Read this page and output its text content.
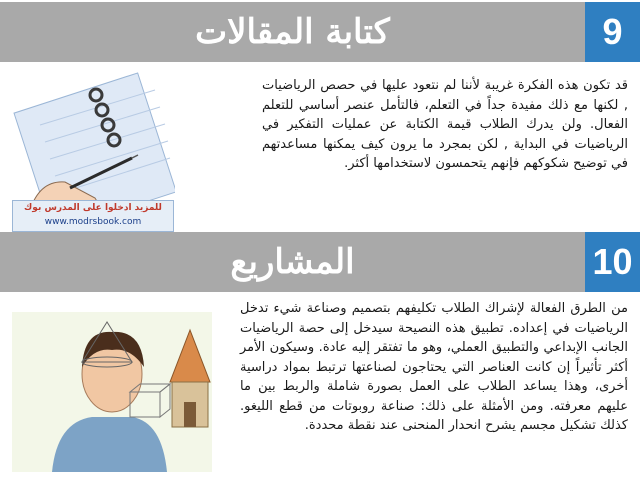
كتابة المقالات	9
للمزيد ادخلوا على المدرس بوك
www.modrsbook.com
قد تكون هذه الفكرة غريبة لأننا لم نتعود عليها في حصص الرياضيات , لكنها مع ذلك مفيدة جداً في التعلم، فالتأمل عنصر أساسي للتعلم الفعال. ولن يدرك الطلاب قيمة الكتابة عن عمليات التفكير في الرياضيات في البداية , لكن بمجرد ما يرون كيف يمكنها مساعدتهم في توضيح شكوكهم فإنهم يتحمسون لاستخدامها أكثر.
المشاريع	10
من الطرق الفعالة لإشراك الطلاب تكليفهم بتصميم وصناعة شيء تدخل الرياضيات في إعداده. تطبيق هذه النصيحة سيدخل إلى حصة الرياضيات الجانب الإبداعي والتطبيق العملي، وهو ما تفتقر إليه عادة. وسيكون الأمر أكثر تأثيراً إن كانت العناصر التي يحتاجون لصناعتها ترتبط بمواد دراسية أخرى، وهذا يساعد الطلاب على العمل بصورة شاملة والربط بين ما عليهم معرفته. ومن الأمثلة على ذلك: صناعة روبوتات من قطع الليغو. كذلك تشكيل مجسم يشرح انحدار المنحنى عند نقطة محددة.
